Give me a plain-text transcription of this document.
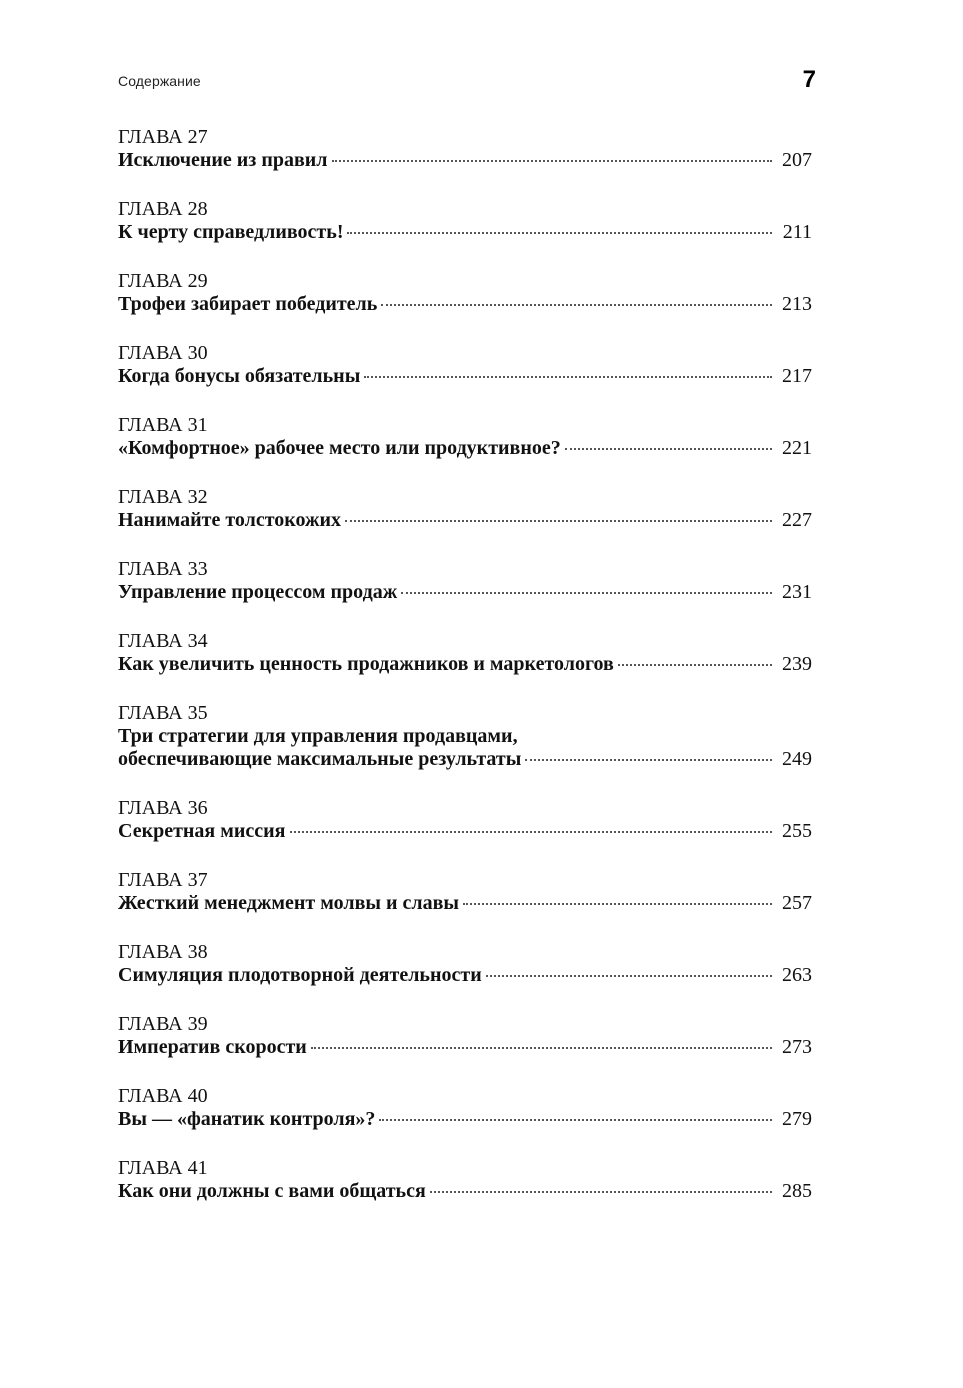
Содержание	7
ГЛАВА 27
Исключение из правил	207
ГЛАВА 28
К черту справедливость!	211
ГЛАВА 29
Трофеи забирает победитель	213
ГЛАВА 30
Когда бонусы обязательны	217
ГЛАВА 31
«Комфортное» рабочее место или продуктивное?	221
ГЛАВА 32
Нанимайте толстокожих	227
ГЛАВА 33
Управление процессом продаж	231
ГЛАВА 34
Как увеличить ценность продажников и маркетологов	239
ГЛАВА 35
Три стратегии для управления продавцами,
обеспечивающие максимальные результаты	249
ГЛАВА 36
Секретная миссия	255
ГЛАВА 37
Жесткий менеджмент молвы и славы	257
ГЛАВА 38
Симуляция плодотворной деятельности	263
ГЛАВА 39
Императив скорости	273
ГЛАВА 40
Вы — «фанатик контроля»?	279
ГЛАВА 41
Как они должны с вами общаться	285
